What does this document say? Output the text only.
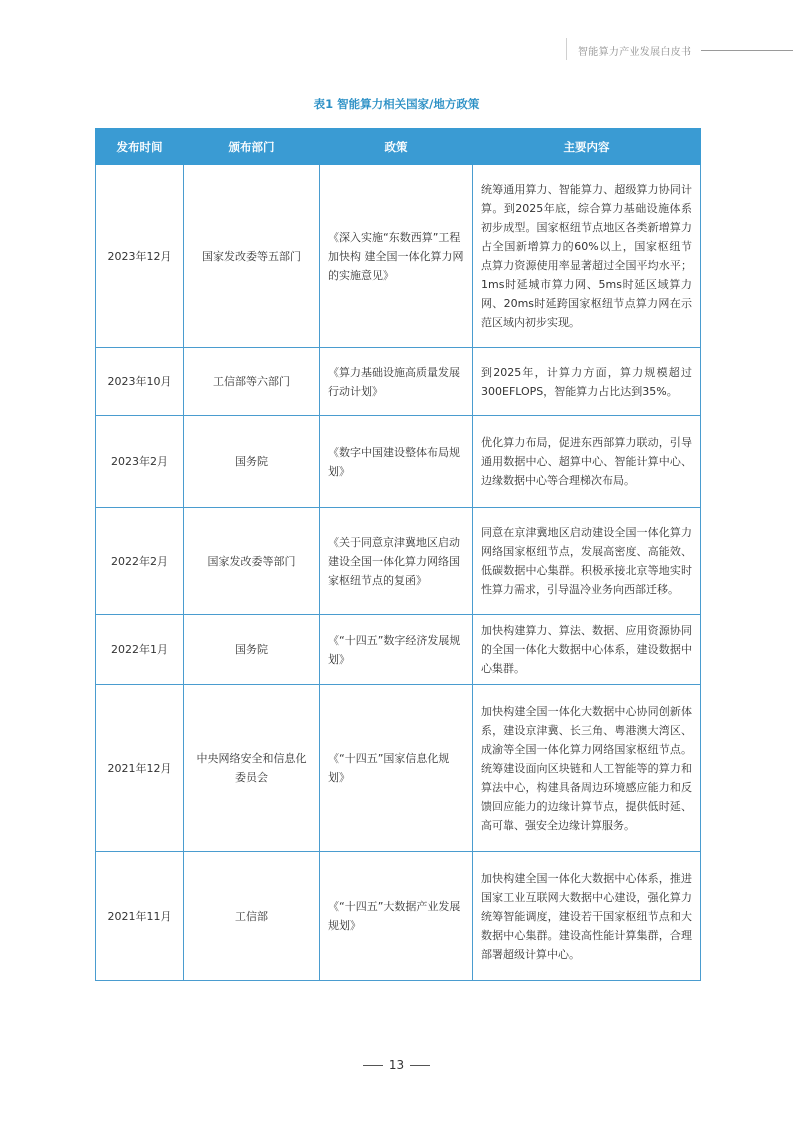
智能算力产业发展白皮书
表1 智能算力相关国家/地方政策
发布时间	颁布部门	政策	主要内容
2023年12月	国家发改委等五部门	《深入实施“东数西算”工程加快构 建全国一体化算力网的实施意见》	统筹通用算力、智能算力、超级算力协同计算。到2025年底，综合算力基础设施体系初步成型。国家枢纽节点地区各类新增算力占全国新增算力的60%以上，国家枢纽节点算力资源使用率显著超过全国平均水平；1ms时延城市算力网、5ms时延区域算力网、20ms时延跨国家枢纽节点算力网在示范区域内初步实现。
2023年10月	工信部等六部门	《算力基础设施高质量发展行动计划》	到2025年，计算力方面，算力规模超过300EFLOPS，智能算力占比达到35%。
2023年2月	国务院	《数字中国建设整体布局规划》	优化算力布局，促进东西部算力联动，引导通用数据中心、超算中心、智能计算中心、边缘数据中心等合理梯次布局。
2022年2月	国家发改委等部门	《关于同意京津冀地区启动建设全国一体化算力网络国家枢纽节点的复函》	同意在京津冀地区启动建设全国一体化算力网络国家枢纽节点，发展高密度、高能效、低碳数据中心集群。积极承接北京等地实时性算力需求，引导温冷业务向西部迁移。
2022年1月	国务院	《“十四五”数字经济发展规划》	加快构建算力、算法、数据、应用资源协同的全国一体化大数据中心体系，建设数据中心集群。
2021年12月	中央网络安全和信息化委员会	《“十四五”国家信息化规划》	加快构建全国一体化大数据中心协同创新体系，建设京津冀、长三角、粤港澳大湾区、成渝等全国一体化算力网络国家枢纽节点。统筹建设面向区块链和人工智能等的算力和算法中心，构建具备周边环境感应能力和反馈回应能力的边缘计算节点，提供低时延、高可靠、强安全边缘计算服务。
2021年11月	工信部	《“十四五”大数据产业发展规划》	加快构建全国一体化大数据中心体系，推进国家工业互联网大数据中心建设，强化算力统筹智能调度，建设若干国家枢纽节点和大数据中心集群。建设高性能计算集群，合理部署超级计算中心。
13
